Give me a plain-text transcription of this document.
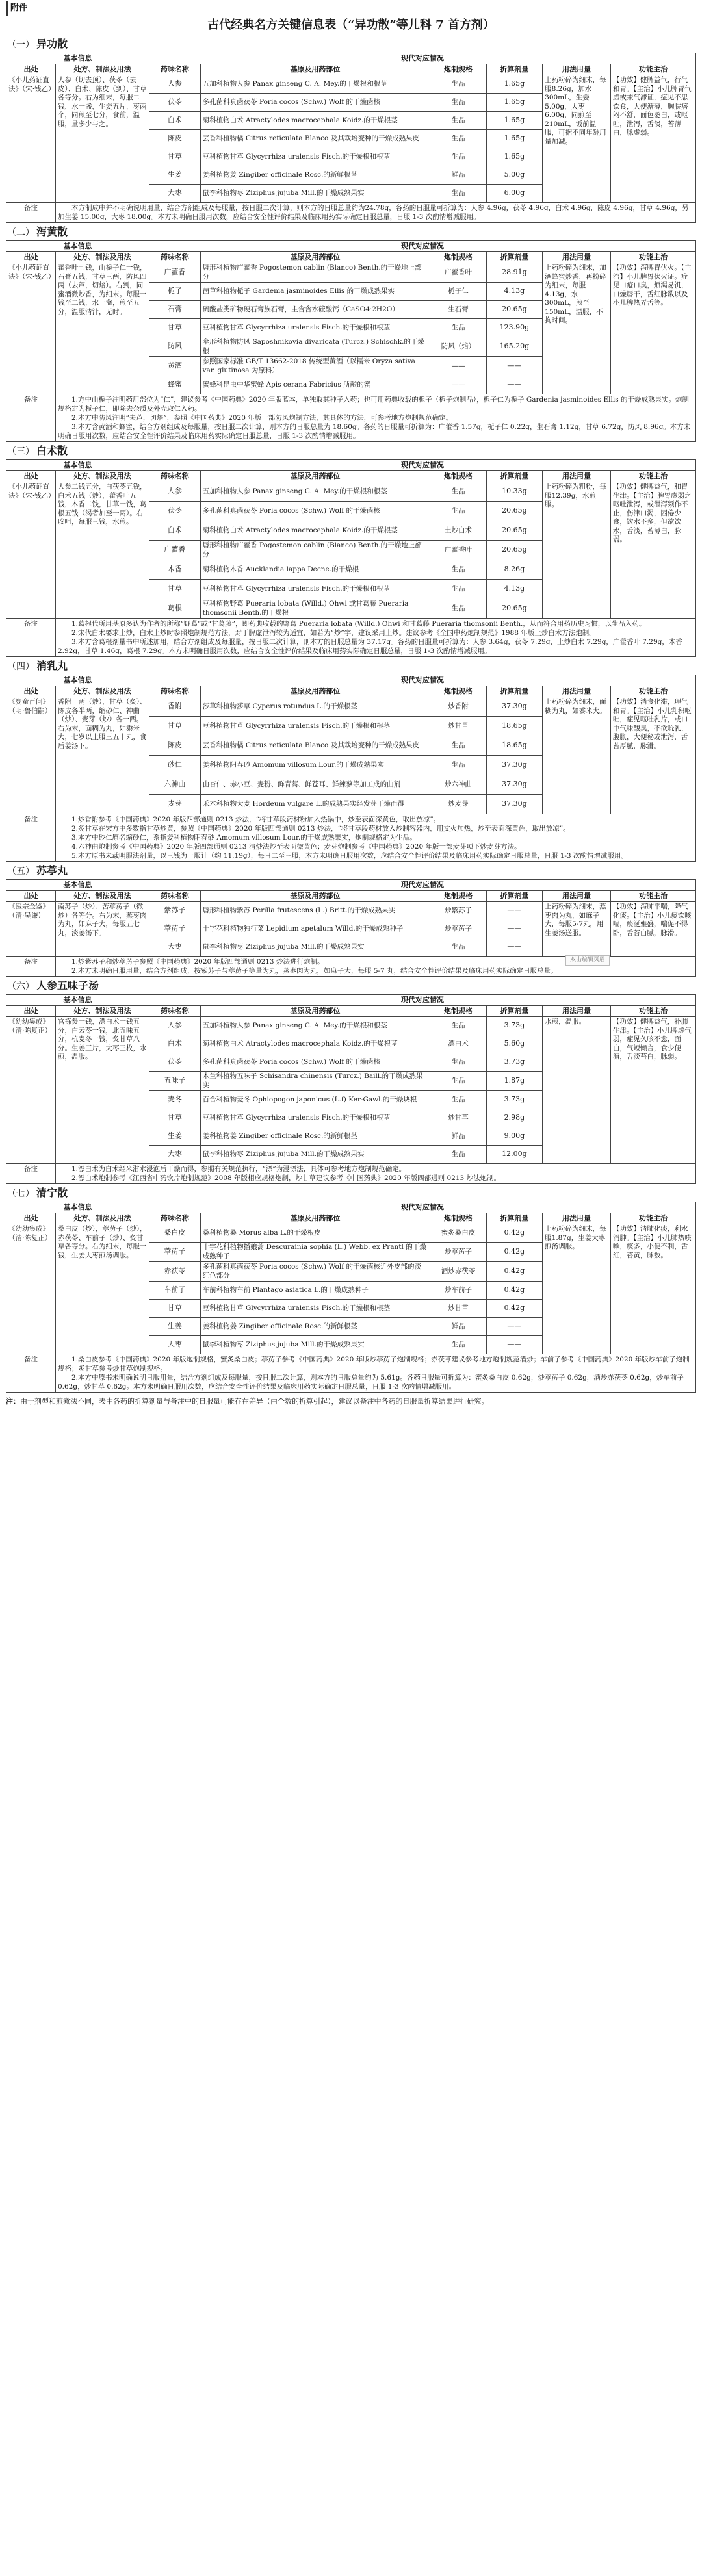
附件
古代经典名方关键信息表（“异功散”等儿科 7 首方剂）
（一） 异功散
基本信息		现代对应情况					
出处	处方、制法及用法	药味名称	基原及用药部位	炮制规格	折算剂量	用法用量	功能主治
《小儿药证直诀》（宋·钱乙）	人参（切去顶）、茯苓（去皮）、白术、陈皮（剉）、甘草各等分。右为细末，每服二钱，水一盏，生姜五片，枣两个，同煎至七分，食前，温服，量多少与之。	人参	五加科植物人参 Panax ginseng C. A. Mey.的干燥根和根茎	生品	1.65g	上药粉碎为细末，每服8.26g，加水300mL，生姜5.00g，大枣6.00g，同煎至210mL，饭前温服，可据不同年龄用量加减。	【功效】健脾益气，行气和胃。【主治】小儿脾胃气虚或兼气滞证，症见不思饮食，大便溏薄，胸脘痞闷不舒，面色萎白，或呕吐，泄泻，舌淡，苔薄白，脉虚弱。
		茯苓	多孔菌科真菌茯苓 Poria cocos (Schw.) Wolf 的干燥菌核	生品	1.65g		
		白术	菊科植物白术 Atractylodes macrocephala Koidz.的干燥根茎	生品	1.65g		
		陈皮	芸香科植物橘 Citrus reticulata Blanco 及其栽培变种的干燥成熟果皮	生品	1.65g		
		甘草	豆科植物甘草 Glycyrrhiza uralensis Fisch.的干燥根和根茎	生品	1.65g		
		生姜	姜科植物姜 Zingiber officinale Rosc.的新鲜根茎	鲜品	5.00g		
		大枣	鼠李科植物枣 Ziziphus jujuba Mill.的干燥成熟果实	生品	6.00g		
备注	本方制成中并不明确说明用量，结合方剂组成及每服量，按日服二次计算，则本方的日服总量约为24.78g，各药的日服量可折算为：人参 4.96g，茯苓 4.96g，白术 4.96g，陈皮 4.96g，甘草 4.96g，另加生姜 15.00g，大枣 18.00g。本方未明确日服用次数，应结合安全性评价结果及临床用药实际确定日服总量，日服 1-3 次酌情增减服用。						
（二） 泻黄散
基本信息		现代对应情况					
出处	处方、制法及用法	药味名称	基原及用药部位	炮制规格	折算剂量	用法用量	功能主治
《小儿药证直诀》（宋·钱乙）	藿香叶七钱，山栀子仁一钱，石膏五钱，甘草三两，防风四两（去芦，切焙）。右剉，同蜜酒微炒香，为细末。每服一钱至二钱，水一盏，煎至五分，温服清汁，无时。	广藿香	唇形科植物广藿香 Pogostemon cablin (Blanco) Benth.的干燥地上部分	广藿香叶	28.91g	上药粉碎为细末，加酒蜂蜜炒香，再粉碎为细末，每服4.13g，水300mL，煎至150mL，温服，不拘时间。	【功效】泻脾胃伏火。【主治】小儿脾胃伏火证。症见口疮口臭，烦渴易饥，口燥唇干，舌红脉数以及小儿脾热弄舌等。
		栀子	茜草科植物栀子 Gardenia jasminoides Ellis 的干燥成熟果实	栀子仁	4.13g		
		石膏	硫酸盐类矿物硬石膏族石膏，主含含水硫酸钙（CaSO4·2H2O）	生石膏	20.65g		
		甘草	豆科植物甘草 Glycyrrhiza uralensis Fisch.的干燥根和根茎	生品	123.90g		
		防风	伞形科植物防风 Saposhnikovia divaricata (Turcz.) Schischk.的干燥根	防风（焙）	165.20g		
		黄酒	参照国家标准 GB/T 13662-2018 传统型黄酒（以糯米 Oryza sativa var. glutinosa 为原料）	——	——		
		蜂蜜	蜜蜂科昆虫中华蜜蜂 Apis cerana Fabricius 所酿的蜜	——	——		
备注	1.方中山栀子注明药用部位为“仁”，建议参考《中国药典》2020 年版蓝本，单独取其种子入药；也可用药典收载的栀子（栀子炮制品），栀子仁为栀子 Gardenia jasminoides Ellis 的干燥成熟果实。炮制规格定为栀子仁，即除去杂质及外壳取仁入药。
2.本方中防风注明“去芦，切焙”，参照《中国药典》2020 年版一部防风炮制方法，其具体的方法，可参考地方炮制规范确定。
3.本方含黄酒和蜂蜜，结合方剂组成及每服量，按日服二次计算，则本方的日服总量为 18.60g。各药的日服量可折算为：广藿香 1.57g，栀子仁 0.22g，生石膏 1.12g，甘草 6.72g，防风 8.96g。本方未明确日服用次数，应结合安全性评价结果及临床用药实际确定日服总量，日服 1-3 次酌情增减服用。						
（三） 白术散
基本信息		现代对应情况					
出处	处方、制法及用法	药味名称	基原及用药部位	炮制规格	折算剂量	用法用量	功能主治
《小儿药证直诀》（宋·钱乙）	人参二钱五分，白茯苓五钱，白术五钱（炒），藿香叶五钱，木香二钱，甘草一钱，葛根五钱（渴者加至一两）。右㕮咀，每服三钱，水煎。	人参	五加科植物人参 Panax ginseng C. A. Mey.的干燥根和根茎	生品	10.33g	上药粉碎为粗粉，每服12.39g，水煎服。	【功效】健脾益气，和胃生津。【主治】脾胃虚弱之呕吐泄泻，或泄泻频作不止，伤津口渴，困倦少食，饮水不多，但欲饮水，舌淡，苔薄白，脉弱。
		茯苓	多孔菌科真菌茯苓 Poria cocos (Schw.) Wolf 的干燥菌核	生品	20.65g		
		白术	菊科植物白术 Atractylodes macrocephala Koidz.的干燥根茎	土炒白术	20.65g		
		广藿香	唇形科植物广藿香 Pogostemon cablin (Blanco) Benth.的干燥地上部分	广藿香叶	20.65g		
		木香	菊科植物木香 Aucklandia lappa Decne.的干燥根	生品	8.26g		
		甘草	豆科植物甘草 Glycyrrhiza uralensis Fisch.的干燥根和根茎	生品	4.13g		
		葛根	豆科植物野葛 Pueraria lobata (Willd.) Ohwi 或甘葛藤 Pueraria thomsonii Benth.的干燥根	生品	20.65g		
备注	1.葛根代所用基原多认为作者的所称“野葛”或“甘葛藤”，即药典收载的野葛 Pueraria lobata (Willd.) Ohwi 和甘葛藤 Pueraria thomsonii Benth.，从而符合用药历史习惯，以生品入药。
2.宋代白术要求土炒，白术土炒时参照炮制规范方法，对于脾虚泄泻较为适宜，如若为“炒”字，建议采用土炒。建议参考《全国中药炮制规范》1988 年版土炒白术方法炮制。
3.本方含葛根剂量书中所述加用，结合方剂组成及每服量，按日服二次计算，则本方的日服总量为 37.17g。各药的日服量可折算为：人参 3.64g，茯苓 7.29g，土炒白术 7.29g，广藿香叶 7.29g，木香 2.92g，甘草 1.46g，葛根 7.29g。本方未明确日服用次数，应结合安全性评价结果及临床用药实际确定日服总量，日服 1-3 次酌情增减服用。						
（四） 消乳丸
基本信息		现代对应情况					
出处	处方、制法及用法	药味名称	基原及用药部位	炮制规格	折算剂量	用法用量	功能主治
《婴童百问》（明·鲁伯嗣）	香附一两（炒），甘草（炙）、陈皮各半两，缩砂仁、神曲（炒）、麦芽（炒）各一两。右为末，面糊为丸，如黍米大，七岁以上服三五十丸，食后姜汤下。	香附	莎草科植物莎草 Cyperus rotundus L.的干燥根茎	炒香附	37.30g	上药粉碎为细末，面糊为丸，如黍米大。	【功效】消食化滞，理气和胃。【主治】小儿乳积呕吐，症见呕吐乳片，或口中气味酸臭，不欲吮乳，腹胀，大便秘或泄泻，舌苔厚腻，脉滑。
		甘草	豆科植物甘草 Glycyrrhiza uralensis Fisch.的干燥根和根茎	炒甘草	18.65g		
		陈皮	芸香科植物橘 Citrus reticulata Blanco 及其栽培变种的干燥成熟果皮	生品	18.65g		
		砂仁	姜科植物阳春砂 Amomum villosum Lour.的干燥成熟果实	生品	37.30g		
		六神曲	由杏仁、赤小豆、麦粉、鲜青蒿、鲜苍耳、鲜辣蓼等加工成的曲剂	炒六神曲	37.30g		
		麦芽	禾本科植物大麦 Hordeum vulgare L.的成熟果实经发芽干燥而得	炒麦芽	37.30g		
备注	1.炒香附参考《中国药典》2020 年版四部通则 0213 炒法，“将甘草段药材粉加入热锅中，炒至表面深黄色，取出放凉”。
2.炙甘草在宋方中多数指甘草炒黄，参照《中国药典》2020 年版四部通则 0213 炒法，“将甘草段药材放入炒制容器内，用文火加热，炒至表面深黄色，取出放凉”。
3.本方中砂仁原名缩砂仁，系指姜科植物阳春砂 Amomum villosum Lour.的干燥成熟果实，炮制规格定为生品。
4.六神曲炮制参考《中国药典》2020 年版四部通则 0213 清炒法炒至表面微黄色；麦芽炮制参考《中国药典》2020 年版一部麦芽项下炒麦芽方法。
5.本方原书未载明服法剂量，以三钱为一服计（约 11.19g），每日二至三服，本方未明确日服用次数，应结合安全性评价结果及临床用药实际确定日服总量，日服 1-3 次酌情增减服用。						
（五） 苏葶丸
基本信息		现代对应情况					
出处	处方、制法及用法	药味名称	基原及用药部位	炮制规格	折算剂量	用法用量	功能主治
《医宗金鉴》（清·吴谦）	南苏子（炒）、苦葶苈子（微炒）各等分。右为末，蒸枣肉为丸，如麻子大，每服五七丸，淡姜汤下。	紫苏子	唇形科植物紫苏 Perilla frutescens (L.) Britt.的干燥成熟果实	炒紫苏子	——	上药粉碎为细末，蒸枣肉为丸，如麻子大，每服5-7丸，用生姜汤送服。	【功效】泻肺平喘，降气化痰。【主治】小儿痰饮咳喘，痰涎壅盛，喘促不得卧，舌苔白腻，脉滑。
		葶苈子	十字花科植物独行菜 Lepidium apetalum Willd.的干燥成熟种子	炒葶苈子	——		
		大枣	鼠李科植物枣 Ziziphus jujuba Mill.的干燥成熟果实	生品	——		
备注	1.炒紫苏子和炒葶苈子参照《中国药典》2020 年版四部通则 0213 炒法进行炮制。
2.本方未明确日服用量，结合方剂组成，按紫苏子与葶苈子等量为丸，蒸枣肉为丸，如麻子大，每服 5-7 丸，结合安全性评价结果及临床用药实际确定日服总量。						
（六） 人参五味子汤
基本信息		现代对应情况					
出处	处方、制法及用法	药味名称	基原及用药部位	炮制规格	折算剂量	用法用量	功能主治
《幼幼集成》（清·陈复正）	官拣参一钱，漂白术一钱五分，白云苓一钱，北五味五分，杭麦冬一钱，炙甘草八分。生姜三片，大枣三枚，水煎，温服。	人参	五加科植物人参 Panax ginseng C. A. Mey.的干燥根和根茎	生品	3.73g	水煎，温服。	【功效】健脾益气，补肺生津。【主治】小儿脾虚气弱，症见久咳不愈，面白，气短懒言，食少便溏，舌淡苔白，脉弱。
		白术	菊科植物白术 Atractylodes macrocephala Koidz.的干燥根茎	漂白术	5.60g		
		茯苓	多孔菌科真菌茯苓 Poria cocos (Schw.) Wolf 的干燥菌核	生品	3.73g		
		五味子	木兰科植物五味子 Schisandra chinensis (Turcz.) Baill.的干燥成熟果实	生品	1.87g		
		麦冬	百合科植物麦冬 Ophiopogon japonicus (L.f) Ker-Gawl.的干燥块根	生品	3.73g		
		甘草	豆科植物甘草 Glycyrrhiza uralensis Fisch.的干燥根和根茎	炒甘草	2.98g		
		生姜	姜科植物姜 Zingiber officinale Rosc.的新鲜根茎	鲜品	9.00g		
		大枣	鼠李科植物枣 Ziziphus jujuba Mill.的干燥成熟果实	生品	12.00g		
备注	1.漂白术为白术经米泔水浸泡后干燥而得，参照有关规范执行，“漂”为浸漂法，具体可参考地方炮制规范确定。
2.漂白术炮制参考《江西省中药饮片炮制规范》2008 年版相应规格炮制，炒甘草建议参考《中国药典》2020 年版四部通则 0213 炒法炮制。						
（七） 清宁散
基本信息		现代对应情况					
出处	处方、制法及用法	药味名称	基原及用药部位	炮制规格	折算剂量	用法用量	功能主治
《幼幼集成》（清·陈复正）	桑白皮（炒），葶苈子（炒），赤茯苓、车前子（炒）、炙甘草各等分。右为细末，每服一钱，生姜大枣煎汤调服。	桑白皮	桑科植物桑 Morus alba L.的干燥根皮	蜜炙桑白皮	0.42g	上药粉碎为细末，每服1.87g，生姜大枣煎汤调服。	【功效】清肺化痰，利水消肿。【主治】小儿肺热咳嗽，痰多，小便不利，舌红，苔黄，脉数。
		葶苈子	十字花科植物播娘蒿 Descurainia sophia (L.) Webb. ex Prantl 的干燥成熟种子	炒葶苈子	0.42g		
		赤茯苓	多孔菌科真菌茯苓 Poria cocos (Schw.) Wolf 的干燥菌核近外皮部的淡红色部分	酒炒赤茯苓	0.42g		
		车前子	车前科植物车前 Plantago asiatica L.的干燥成熟种子	炒车前子	0.42g		
		甘草	豆科植物甘草 Glycyrrhiza uralensis Fisch.的干燥根和根茎	炒甘草	0.42g		
		生姜	姜科植物姜 Zingiber officinale Rosc.的新鲜根茎	鲜品	——		
		大枣	鼠李科植物枣 Ziziphus jujuba Mill.的干燥成熟果实	生品	——		
备注	1.桑白皮参考《中国药典》2020 年版炮制规格，蜜炙桑白皮；葶苈子参考《中国药典》2020 年版炒葶苈子炮制规格；赤茯苓建议参考地方炮制规范酒炒；车前子参考《中国药典》2020 年版炒车前子炮制规格；炙甘草参考炒甘草炮制规格。
2.本方中原书未明确说明日服用量，结合方剂组成及每服量，按日服二次计算，则本方的日服总量约为 5.61g。各药日服量可折算为：蜜炙桑白皮 0.62g，炒葶苈子 0.62g，酒炒赤茯苓 0.62g，炒车前子 0.62g，炒甘草 0.62g。本方未明确日服用次数，应结合安全性评价结果及临床用药实际确定日服总量，日服 1-3 次酌情增减服用。						
注：由于剂型和煎煮法不同，表中各药的折算剂量与备注中的日服量可能存在差异（由个数的折算引起），建议以备注中各药的日服量折算结果进行研究。
双击编辑页眉
